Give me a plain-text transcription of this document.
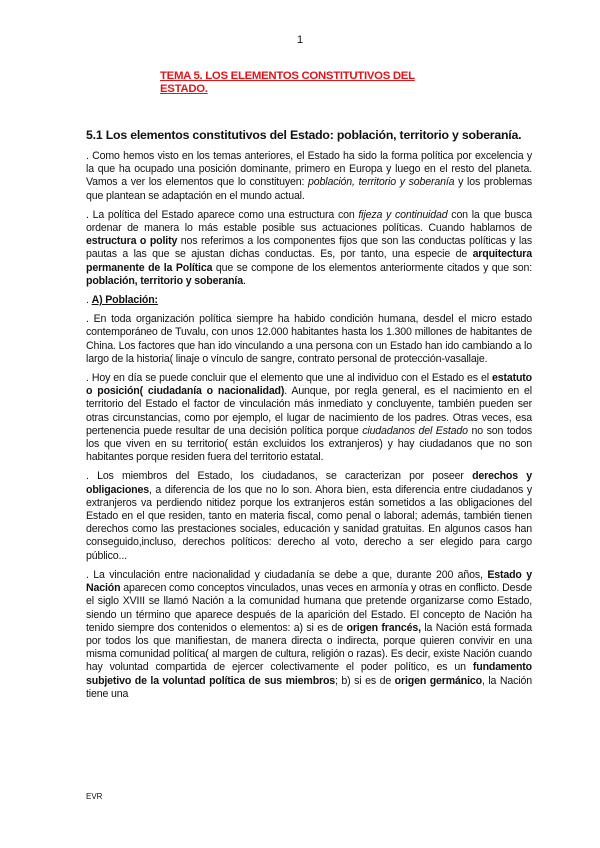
1
TEMA 5. LOS ELEMENTOS CONSTITUTIVOS DEL
ESTADO.
5.1 Los elementos constitutivos del Estado: población, territorio y soberanía.

. Como hemos visto en los temas anteriores, el Estado ha sido la forma política por excelencia y la que ha ocupado una posición dominante, primero en Europa y luego en el resto del planeta. Vamos a ver los elementos que lo constituyen: población, territorio y soberanía y los problemas que plantean se adaptación en el mundo actual.

. La política del Estado aparece como una estructura con fijeza y continuidad con la que busca ordenar de manera lo más estable posible sus actuaciones políticas. Cuando hablamos de estructura o polity nos referimos a los componentes fijos que son las conductas políticas y las pautas a las que se ajustan dichas conductas. Es, por tanto, una especie de arquitectura permanente de la Política que se compone de los elementos anteriormente citados y que son: población, territorio y soberanía.

. A) Población:

. En toda organización política siempre ha habido condición humana, desdel el micro estado contemporáneo de Tuvalu, con unos 12.000 habitantes hasta los 1.300 millones de habitantes de China. Los factores que han ido vinculando a una persona con un Estado han ido cambiando a lo largo de la historia( linaje o vínculo de sangre, contrato personal de protección-vasallaje.

. Hoy en día se puede concluir que el elemento que une al individuo con el Estado es el estatuto o posición( ciudadanía o nacionalidad). Aunque, por regla general, es el nacimiento en el territorio del Estado el factor de vinculación más inmediato y concluyente, también pueden ser otras circunstancias, como por ejemplo, el lugar de nacimiento de los padres. Otras veces, esa pertenencia puede resultar de una decisión política porque ciudadanos del Estado no son todos los que viven en su territorio( están excluidos los extranjeros) y hay ciudadanos que no son habitantes porque residen fuera del territorio estatal.

. Los miembros del Estado, los ciudadanos, se caracterizan por poseer derechos y obligaciones, a diferencia de los que no lo son. Ahora bien, esta diferencia entre ciudadanos y extranjeros va perdiendo nitidez porque los extranjeros están sometidos a las obligaciones del Estado en el que residen, tanto en materia fiscal, como penal o laboral; además, también tienen derechos como las prestaciones sociales, educación y sanidad gratuitas. En algunos casos han conseguido,incluso, derechos políticos: derecho al voto, derecho a ser elegido para cargo público...

. La vinculación entre nacionalidad y ciudadanía se debe a que, durante 200 años, Estado y Nación aparecen como conceptos vinculados, unas veces en armonía y otras en conflicto. Desde el siglo XVIII se llamó Nación a la comunidad humana que pretende organizarse como Estado, siendo un término que aparece después de la aparición del Estado. El concepto de Nación ha tenido siempre dos contenidos o elementos: a) si es de origen francés, la Nación está formada por todos los que manifiestan, de manera directa o indirecta, porque quieren convivir en una misma comunidad política( al margen de cultura, religión o razas). Es decir, existe Nación cuando hay voluntad compartida de ejercer colectivamente el poder político, es un fundamento subjetivo de la voluntad política de sus miembros; b) si es de origen germánico, la Nación tiene una

EVR
